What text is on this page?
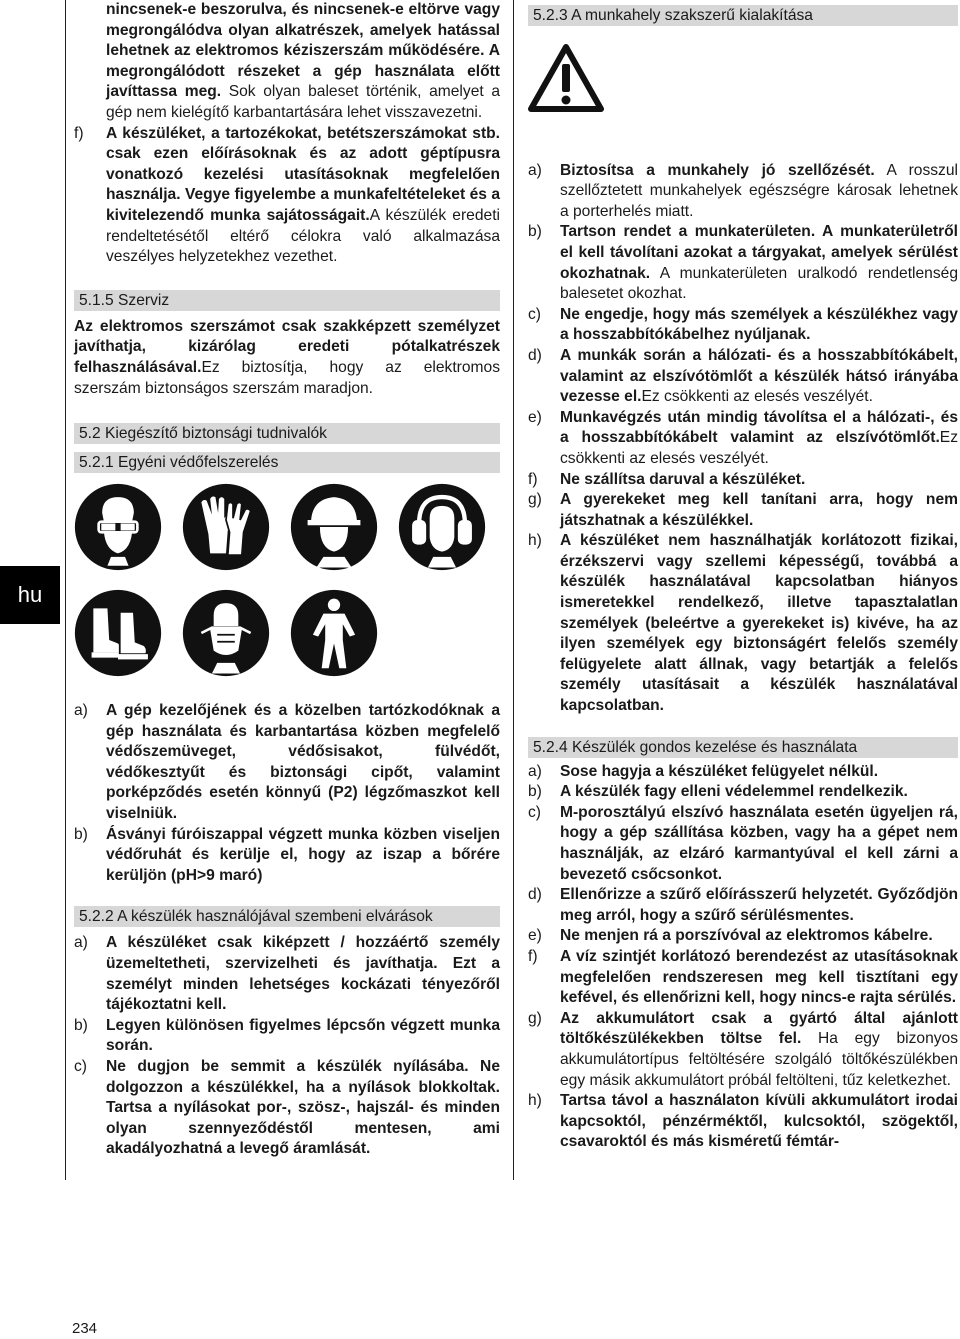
hu
nincsenek-e beszorulva, és nincsenek-e eltörve vagy megrongálódva olyan alkatrészek, amelyek hatással lehetnek az elektromos kéziszerszám működésére. A megrongálódott részeket a gép használata előtt javíttassa meg. Sok olyan baleset történik, amelyet a gép nem kielégítő karbantartására lehet visszavezetni.
f)	A készüléket, a tartozékokat, betétszerszámokat stb. csak ezen előírásoknak és az adott géptípusra vonatkozó kezelési utasításoknak megfelelően használja. Vegye figyelembe a munkafeltételeket és a kivitelezendő munka sajátosságait.A készülék eredeti rendeltetésétől eltérő célokra való alkalmazása veszélyes helyzetekhez vezethet.
5.1.5 Szerviz

Az elektromos szerszámot csak szakképzett személyzet javíthatja, kizárólag eredeti pótalkatrészek felhasználásával.Ez biztosítja, hogy az elektromos szerszám biztonságos szerszám maradjon.

5.2 Kiegészítő biztonsági tudnivalók
5.2.1 Egyéni védőfelszerelés
a)	A gép kezelőjének és a közelben tartózkodóknak a gép használata és karbantartása közben megfelelő védőszemüveget, védősisakot, fülvédőt, védőkesztyűt és biztonsági cipőt, valamint porképződés esetén könnyű (P2) légzőmaszkot kell viselniük.
b)	Ásványi fúróiszappal végzett munka közben viseljen védőruhát és kerülje el, hogy az iszap a bőrére kerüljön (pH>9 maró)
5.2.2 A készülék használójával szembeni elvárások
a)	A készüléket csak kiképzett / hozzáértő személy üzemeltetheti, szervizelheti és javíthatja. Ezt a személyt minden lehetséges kockázati tényezőről tájékoztatni kell.
b)	Legyen különösen figyelmes lépcsőn végzett munka során.
c)	Ne dugjon be semmit a készülék nyílásába. Ne dolgozzon a készülékkel, ha a nyílások blokkoltak. Tartsa a nyílásokat por-, szösz-, hajszál- és minden olyan szennyeződéstől mentesen, ami akadályozhatná a levegő áramlását.
5.2.3 A munkahely szakszerű kialakítása
a)	Biztosítsa a munkahely jó szellőzését. A rosszul szellőztetett munkahelyek egészségre károsak lehetnek a porterhelés miatt.
b)	Tartson rendet a munkaterületen. A munkaterületről el kell távolítani azokat a tárgyakat, amelyek sérülést okozhatnak. A munkaterületen uralkodó rendetlenség balesetet okozhat.
c)	Ne engedje, hogy más személyek a készülékhez vagy a hosszabbítókábelhez nyúljanak.
d)	A munkák során a hálózati- és a hosszabbítókábelt, valamint az elszívótömlőt a készülék hátsó irányába vezesse el.Ez csökkenti az elesés veszélyét.
e)	Munkavégzés után mindig távolítsa el a hálózati-, és a hosszabbítókábelt valamint az elszívótömlőt.Ez csökkenti az elesés veszélyét.
f)	Ne szállítsa daruval a készüléket.
g)	A gyerekeket meg kell tanítani arra, hogy nem játszhatnak a készülékkel.
h)	A készüléket nem használhatják korlátozott fizikai, érzékszervi vagy szellemi képességű, továbbá a készülék használatával kapcsolatban hiányos ismeretekkel rendelkező, illetve tapasztalatlan személyek (beleértve a gyerekeket is) kivéve, ha az ilyen személyek egy biztonságért felelős személy felügyelete alatt állnak, vagy betartják a felelős személy utasításait a készülék használatával kapcsolatban.
5.2.4 Készülék gondos kezelése és használata
a)	Sose hagyja a készüléket felügyelet nélkül.
b)	A készülék fagy elleni védelemmel rendelkezik.
c)	M-porosztályú elszívó használata esetén ügyeljen rá, hogy a gép szállítása közben, vagy ha a gépet nem használják, az elzáró karmantyúval el kell zárni a bevezető csőcsonkot.
d)	Ellenőrizze a szűrő előírásszerű helyzetét. Győződjön meg arról, hogy a szűrő sérülésmentes.
e)	Ne menjen rá a porszívóval az elektromos kábelre.
f)	A víz szintjét korlátozó berendezést az utasításoknak megfelelően rendszeresen meg kell tisztítani egy kefével, és ellenőrizni kell, hogy nincs-e rajta sérülés.
g)	Az akkumulátort csak a gyártó által ajánlott töltőkészülékekben töltse fel. Ha egy bizonyos akkumulátortípus feltöltésére szolgáló töltőkészülékben egy másik akkumulátort próbál feltölteni, tűz keletkezhet.
h)	Tartsa távol a használaton kívüli akkumulátort irodai kapcsoktól, pénzérméktől, kulcsoktól, szögektől, csavaroktól és más kisméretű fémtár-
234
